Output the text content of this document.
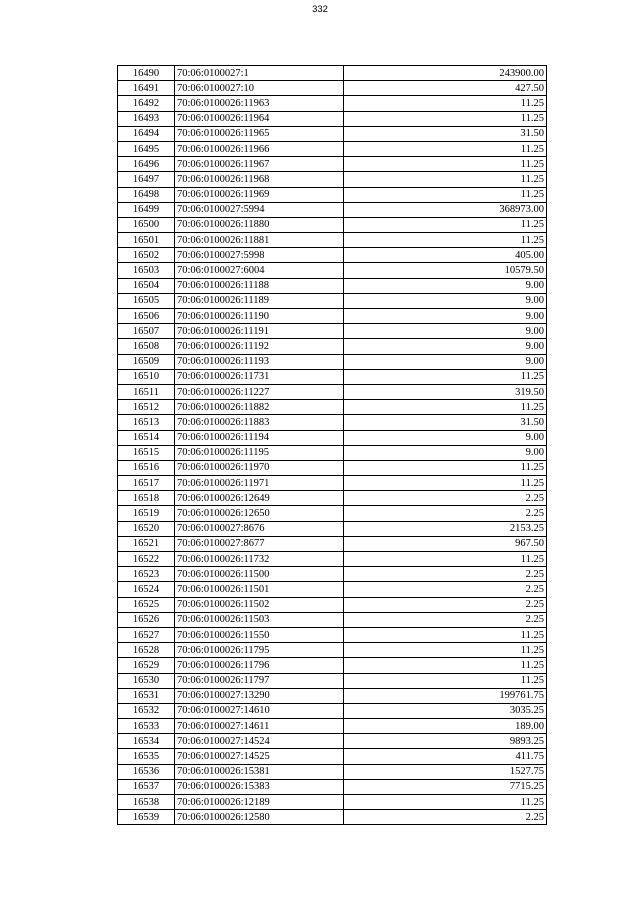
332
16490	70:06:0100027:1	243900.00
16491	70:06:0100027:10	427.50
16492	70:06:0100026:11963	11.25
16493	70:06:0100026:11964	11.25
16494	70:06:0100026:11965	31.50
16495	70:06:0100026:11966	11.25
16496	70:06:0100026:11967	11.25
16497	70:06:0100026:11968	11.25
16498	70:06:0100026:11969	11.25
16499	70:06:0100027:5994	368973.00
16500	70:06:0100026:11880	11.25
16501	70:06:0100026:11881	11.25
16502	70:06:0100027:5998	405.00
16503	70:06:0100027:6004	10579.50
16504	70:06:0100026:11188	9.00
16505	70:06:0100026:11189	9.00
16506	70:06:0100026:11190	9.00
16507	70:06:0100026:11191	9.00
16508	70:06:0100026:11192	9.00
16509	70:06:0100026:11193	9.00
16510	70:06:0100026:11731	11.25
16511	70:06:0100026:11227	319.50
16512	70:06:0100026:11882	11.25
16513	70:06:0100026:11883	31.50
16514	70:06:0100026:11194	9.00
16515	70:06:0100026:11195	9.00
16516	70:06:0100026:11970	11.25
16517	70:06:0100026:11971	11.25
16518	70:06:0100026:12649	2.25
16519	70:06:0100026:12650	2.25
16520	70:06:0100027:8676	2153.25
16521	70:06:0100027:8677	967.50
16522	70:06:0100026:11732	11.25
16523	70:06:0100026:11500	2.25
16524	70:06:0100026:11501	2.25
16525	70:06:0100026:11502	2.25
16526	70:06:0100026:11503	2.25
16527	70:06:0100026:11550	11.25
16528	70:06:0100026:11795	11.25
16529	70:06:0100026:11796	11.25
16530	70:06:0100026:11797	11.25
16531	70:06:0100027:13290	199761.75
16532	70:06:0100027:14610	3035.25
16533	70:06:0100027:14611	189.00
16534	70:06:0100027:14524	9893.25
16535	70:06:0100027:14525	411.75
16536	70:06:0100026:15381	1527.75
16537	70:06:0100026:15383	7715.25
16538	70:06:0100026:12189	11.25
16539	70:06:0100026:12580	2.25
